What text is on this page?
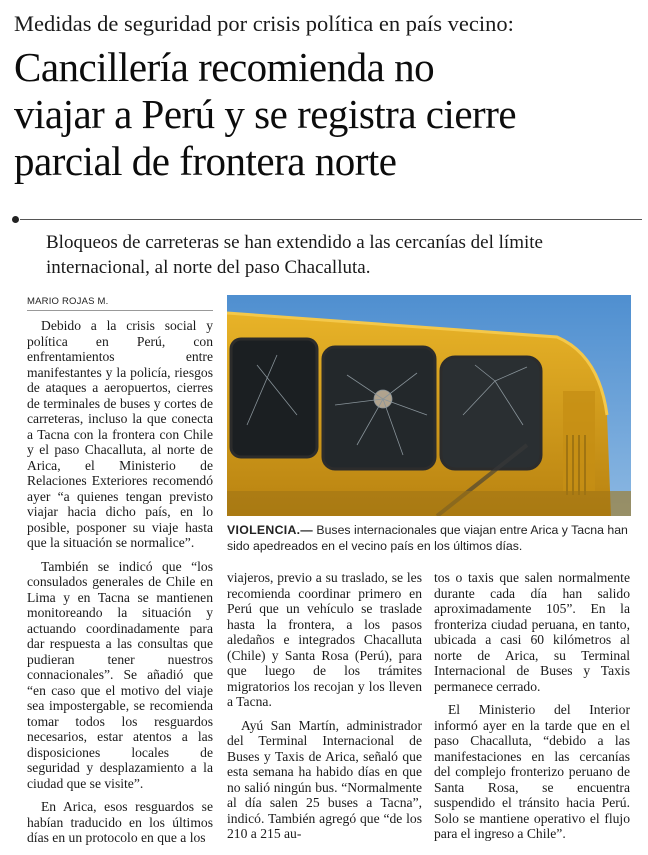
Medidas de seguridad por crisis política en país vecino:
Cancillería recomienda no
viajar a Perú y se registra cierre
parcial de frontera norte
Bloqueos de carreteras se han extendido a las cercanías del límite internacional, al norte del paso Chacalluta.
MARIO ROJAS M.

Debido a la crisis social y política en Perú, con enfrentamientos entre manifestantes y la policía, riesgos de ataques a aeropuertos, cierres de terminales de buses y cortes de carreteras, incluso la que conecta a Tacna con la frontera con Chile y el paso Chacalluta, al norte de Arica, el Ministerio de Relaciones Exteriores recomendó ayer “a quienes tengan previsto viajar hacia dicho país, en lo posible, posponer su viaje hasta que la situación se normalice”.

También se indicó que “los consulados generales de Chile en Lima y en Tacna se mantienen monitoreando la situación y actuando coordinadamente para dar respuesta a las consultas que pudieran tener nuestros connacionales”. Se añadió que “en caso que el motivo del viaje sea impostergable, se recomienda tomar todos los resguardos necesarios, estar atentos a las disposiciones locales de seguridad y desplazamiento a la ciudad que se visite”.

En Arica, esos resguardos se habían traducido en los últimos días en un protocolo en que a los

VIOLENCIA.— Buses internacionales que viajan entre Arica y Tacna han sido apedreados en el vecino país en los últimos días.

viajeros, previo a su traslado, se les recomienda coordinar primero en Perú que un vehículo se traslade hasta la frontera, a los pasos aledaños e integrados Chacalluta (Chile) y Santa Rosa (Perú), para que luego de los trámites migratorios los recojan y los lleven a Tacna.

Ayú San Martín, administrador del Terminal Internacional de Buses y Taxis de Arica, señaló que esta semana ha habido días en que no salió ningún bus. “Normalmente al día salen 25 buses a Tacna”, indicó. También agregó que “de los 210 a 215 au-

tos o taxis que salen normalmente durante cada día han salido aproximadamente 105”. En la fronteriza ciudad peruana, en tanto, ubicada a casi 60 kilómetros al norte de Arica, su Terminal Internacional de Buses y Taxis permanece cerrado.

El Ministerio del Interior informó ayer en la tarde que en el paso Chacalluta, “debido a las manifestaciones en las cercanías del complejo fronterizo peruano de Santa Rosa, se encuentra suspendido el tránsito hacia Perú. Solo se mantiene operativo el flujo para el ingreso a Chile”.
